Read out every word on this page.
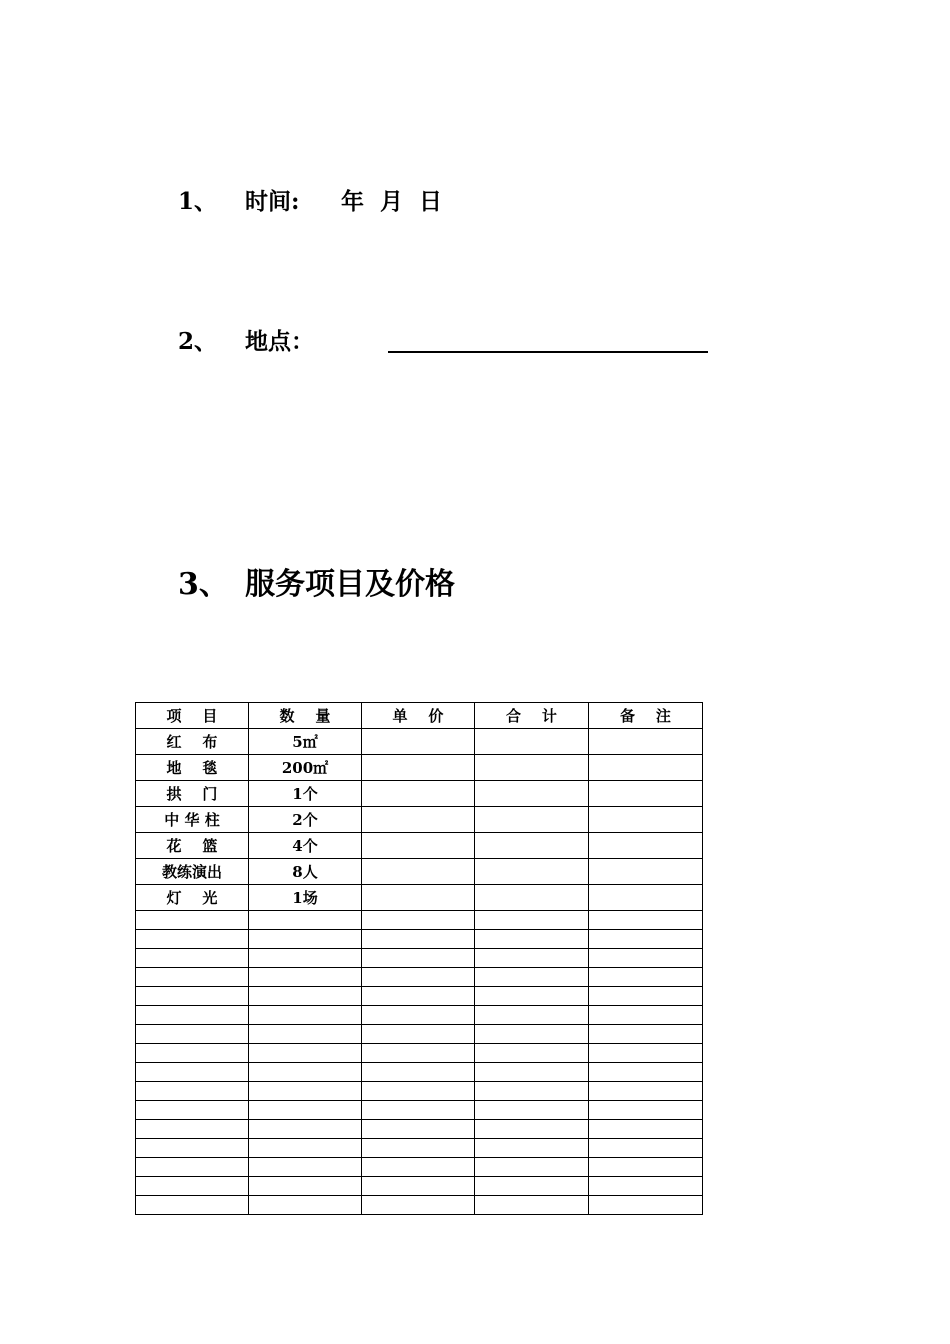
1、 时间: 年  月  日
2、 地点：
3、 服务项目及价格
项    目	数    量	单    价	合    计	备    注
红    布	5㎡			
地    毯	200㎡			
拱    门	1个			
中 华 柱	2个			
花    篮	4个			
教练演出	8人			
灯    光	1场			
